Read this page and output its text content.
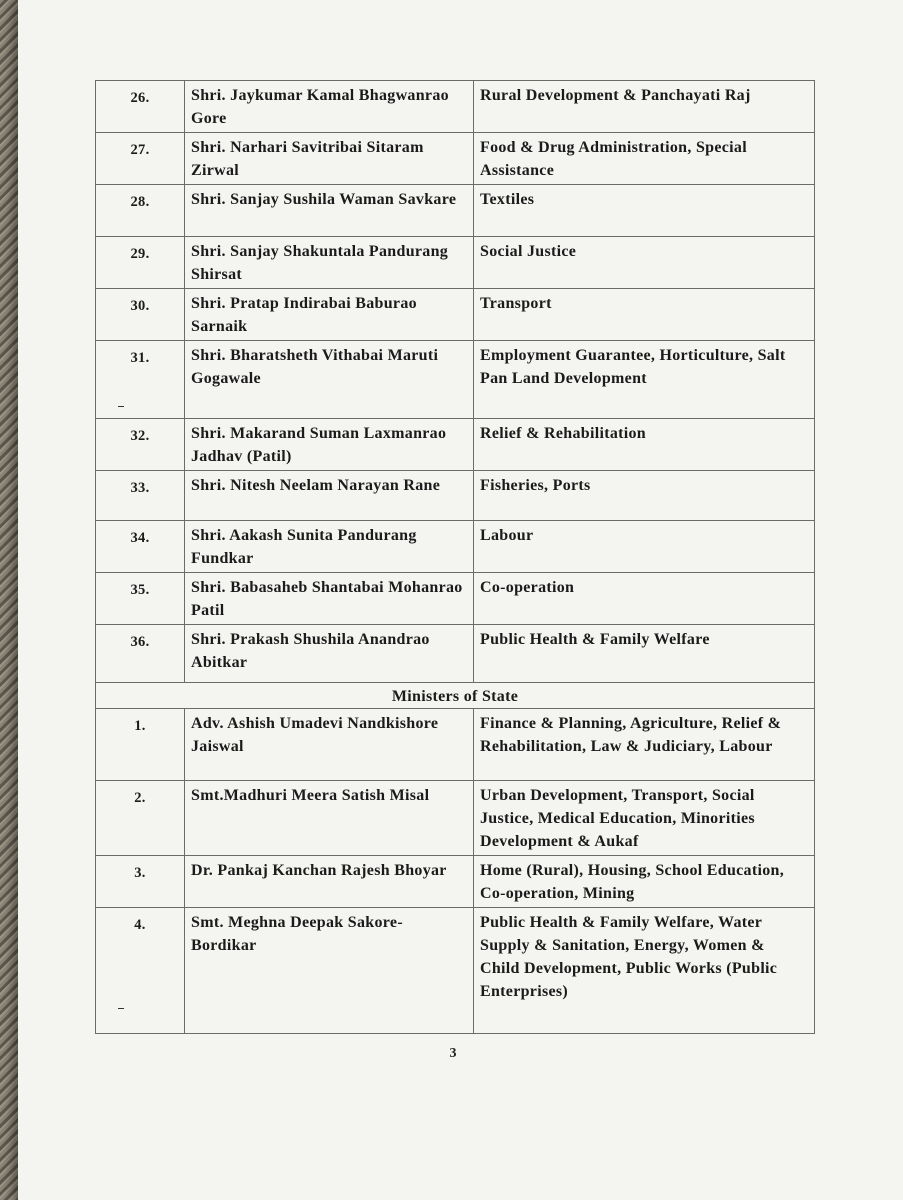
26.	Shri. Jaykumar Kamal Bhagwanrao Gore	Rural Development & Panchayati Raj
27.	Shri. Narhari Savitribai Sitaram Zirwal	Food & Drug Administration, Special Assistance
28.	Shri. Sanjay Sushila Waman Savkare	Textiles
29.	Shri. Sanjay Shakuntala Pandurang Shirsat	Social Justice
30.	Shri. Pratap Indirabai Baburao Sarnaik	Transport
31.	Shri. Bharatsheth Vithabai Maruti Gogawale	Employment Guarantee, Horticulture, Salt Pan Land Development
32.	Shri. Makarand Suman Laxmanrao Jadhav (Patil)	Relief & Rehabilitation
33.	Shri. Nitesh Neelam Narayan Rane	Fisheries, Ports
34.	Shri. Aakash Sunita Pandurang Fundkar	Labour
35.	Shri. Babasaheb Shantabai Mohanrao Patil	Co-operation
36.	Shri. Prakash Shushila Anandrao Abitkar	Public Health & Family Welfare
Ministers of State		
1.	Adv. Ashish Umadevi Nandkishore Jaiswal	Finance & Planning, Agriculture, Relief & Rehabilitation, Law & Judiciary, Labour
2.	Smt.Madhuri Meera Satish Misal	Urban Development, Transport, Social Justice, Medical Education, Minorities Development & Aukaf
3.	Dr. Pankaj Kanchan Rajesh Bhoyar	Home (Rural), Housing, School Education, Co-operation, Mining
4.	Smt. Meghna Deepak Sakore-Bordikar	Public Health & Family Welfare, Water Supply & Sanitation, Energy, Women & Child Development, Public Works (Public Enterprises)
3
